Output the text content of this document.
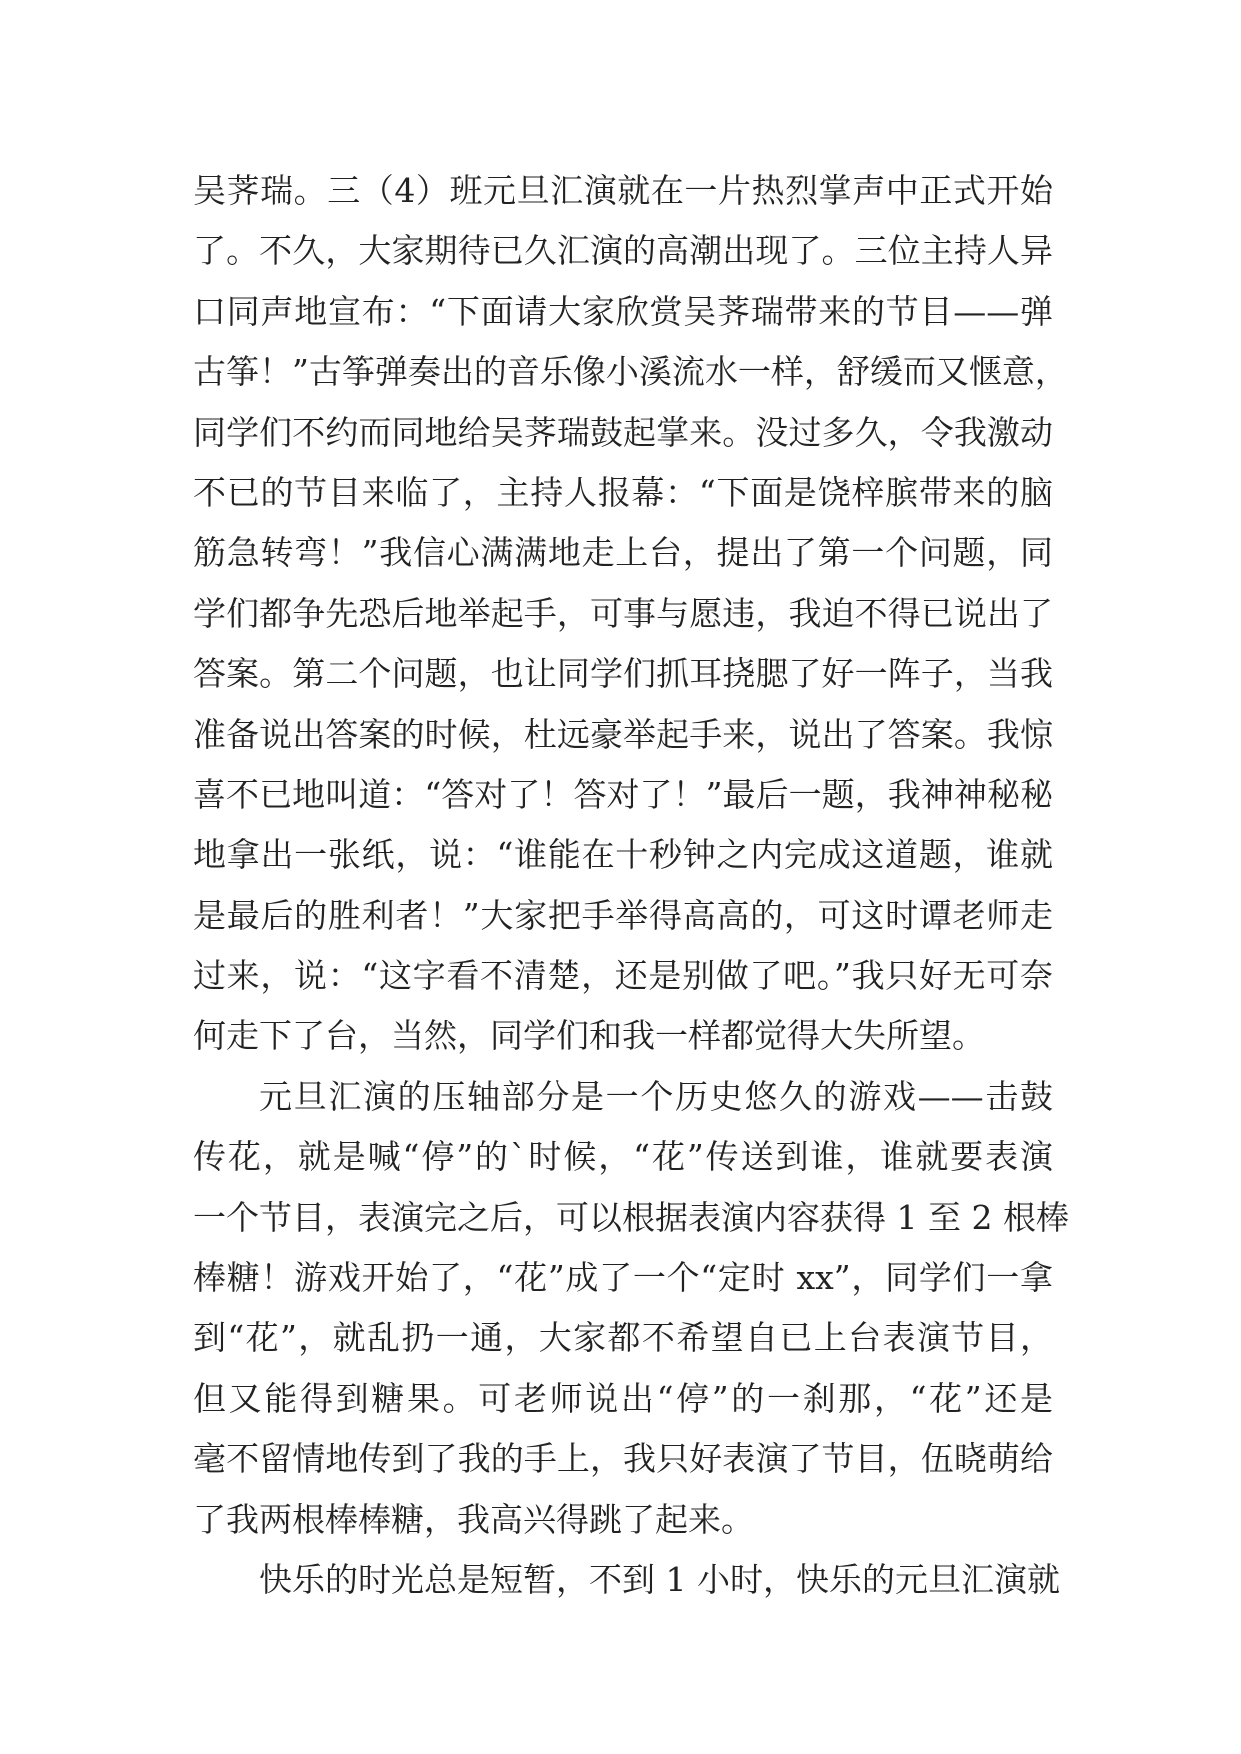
吴荠瑞。三（4）班元旦汇演就在一片热烈掌声中正式开始
了。不久，大家期待已久汇演的高潮出现了。三位主持人异
口同声地宣布：“下面请大家欣赏吴荠瑞带来的节目——弹
古筝！”古筝弹奏出的音乐像小溪流水一样，舒缓而又惬意，
同学们不约而同地给吴荠瑞鼓起掌来。没过多久，令我激动
不已的节目来临了，主持人报幕：“下面是饶梓膑带来的脑
筋急转弯！”我信心满满地走上台，提出了第一个问题，同
学们都争先恐后地举起手，可事与愿违，我迫不得已说出了
答案。第二个问题，也让同学们抓耳挠腮了好一阵子，当我
准备说出答案的时候，杜远豪举起手来，说出了答案。我惊
喜不已地叫道：“答对了！答对了！”最后一题，我神神秘秘
地拿出一张纸，说：“谁能在十秒钟之内完成这道题，谁就
是最后的胜利者！”大家把手举得高高的，可这时谭老师走
过来，说：“这字看不清楚，还是别做了吧。”我只好无可奈
何走下了台，当然，同学们和我一样都觉得大失所望。
元旦汇演的压轴部分是一个历史悠久的游戏——击鼓
传花，就是喊“停”的`时候，“花”传送到谁，谁就要表演
一个节目，表演完之后，可以根据表演内容获得 1 至 2 根棒
棒糖！游戏开始了，“花”成了一个“定时 xx”，同学们一拿
到“花”，就乱扔一通，大家都不希望自已上台表演节目，
但又能得到糖果。可老师说出“停”的一刹那，“花”还是
毫不留情地传到了我的手上，我只好表演了节目，伍晓萌给
了我两根棒棒糖，我高兴得跳了起来。
快乐的时光总是短暂，不到 1 小时，快乐的元旦汇演就
